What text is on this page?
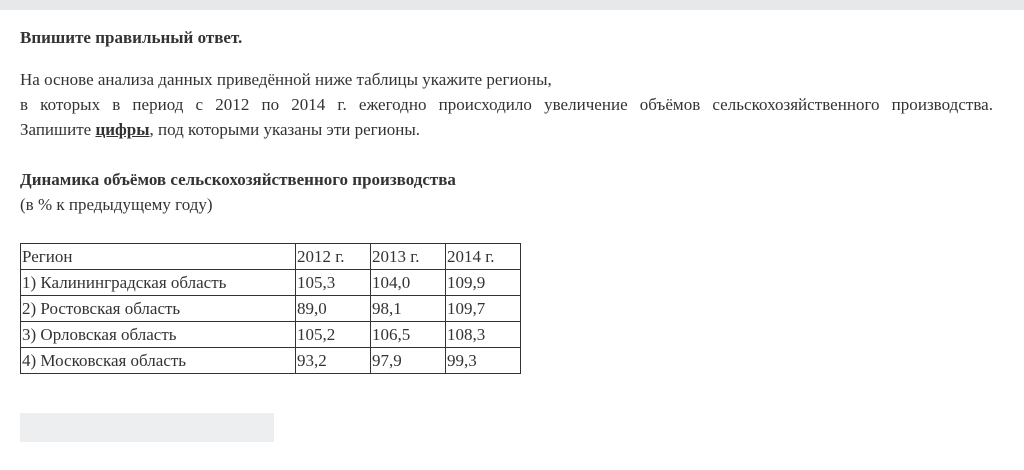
Впишите правильный ответ.

На основе анализа данных приведённой ниже таблицы укажите регионы,
в которых в период с 2012 по 2014 г. ежегодно происходило увеличение объёмов сельскохозяйственного производства.
Запишите цифры, под которыми указаны эти регионы.
Динамика объёмов сельскохозяйственного производства
(в % к предыдущему году)
Регион	2012 г.	2013 г.	2014 г.
1) Калининградская область	105,3	104,0	109,9
2) Ростовская область	89,0	98,1	109,7
3) Орловская область	105,2	106,5	108,3
4) Московская область	93,2	97,9	99,3
